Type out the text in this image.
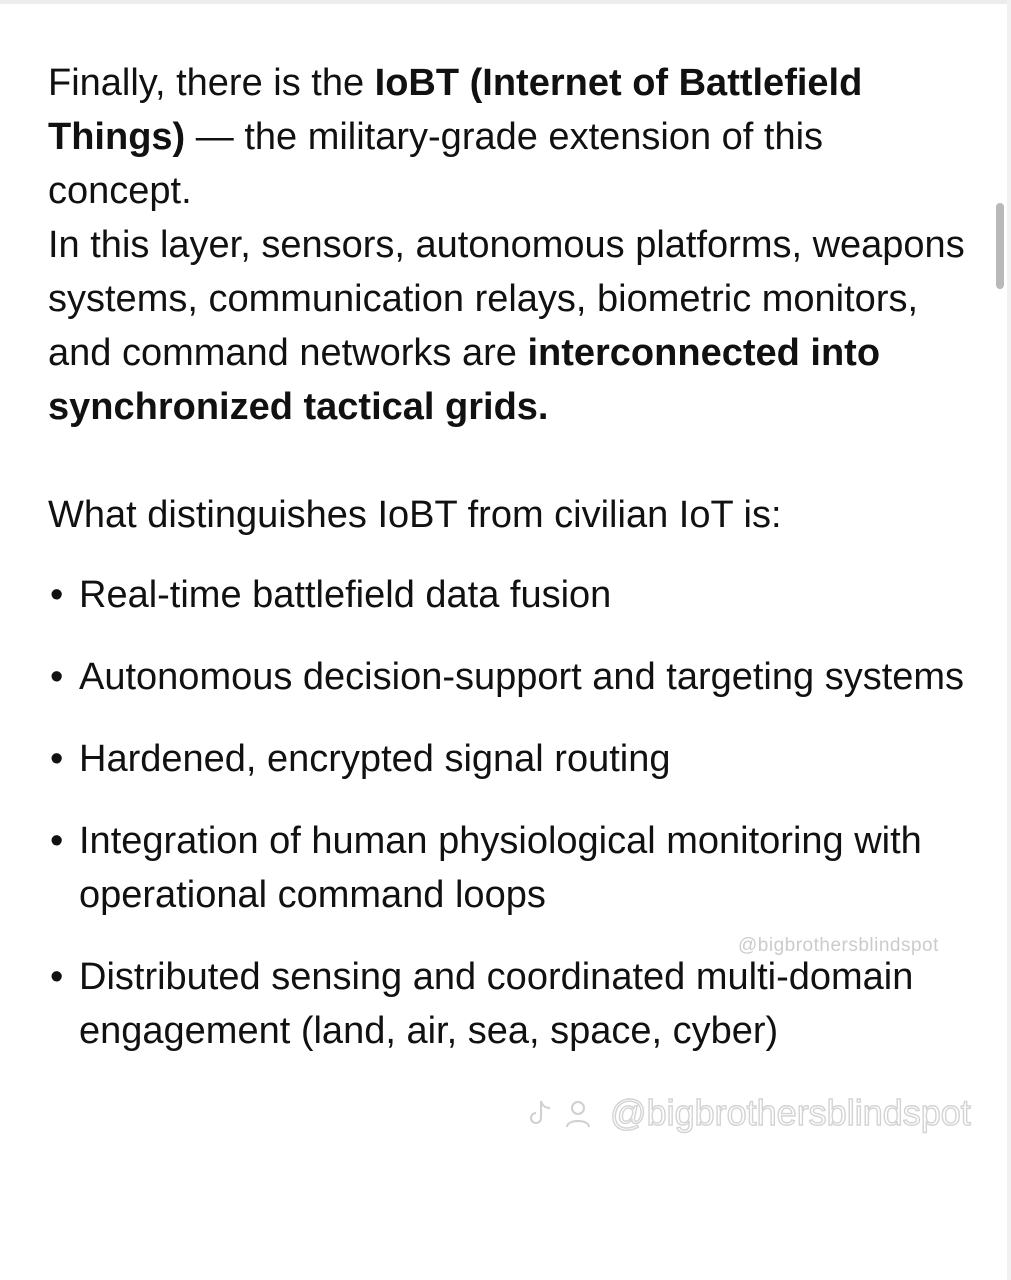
Finally, there is the IoBT (Internet of Battlefield Things) — the military-grade extension of this concept.

In this layer, sensors, autonomous platforms, weapons systems, communication relays, biometric monitors, and command networks are interconnected into synchronized tactical grids.

What distinguishes IoBT from civilian IoT is:

• Real-time battlefield data fusion
• Autonomous decision-support and targeting systems
• Hardened, encrypted signal routing
• Integration of human physiological monitoring with operational command loops
• Distributed sensing and coordinated multi-domain engagement (land, air, sea, space, cyber)
@bigbrothersblindspot
@bigbrothersblindspot
